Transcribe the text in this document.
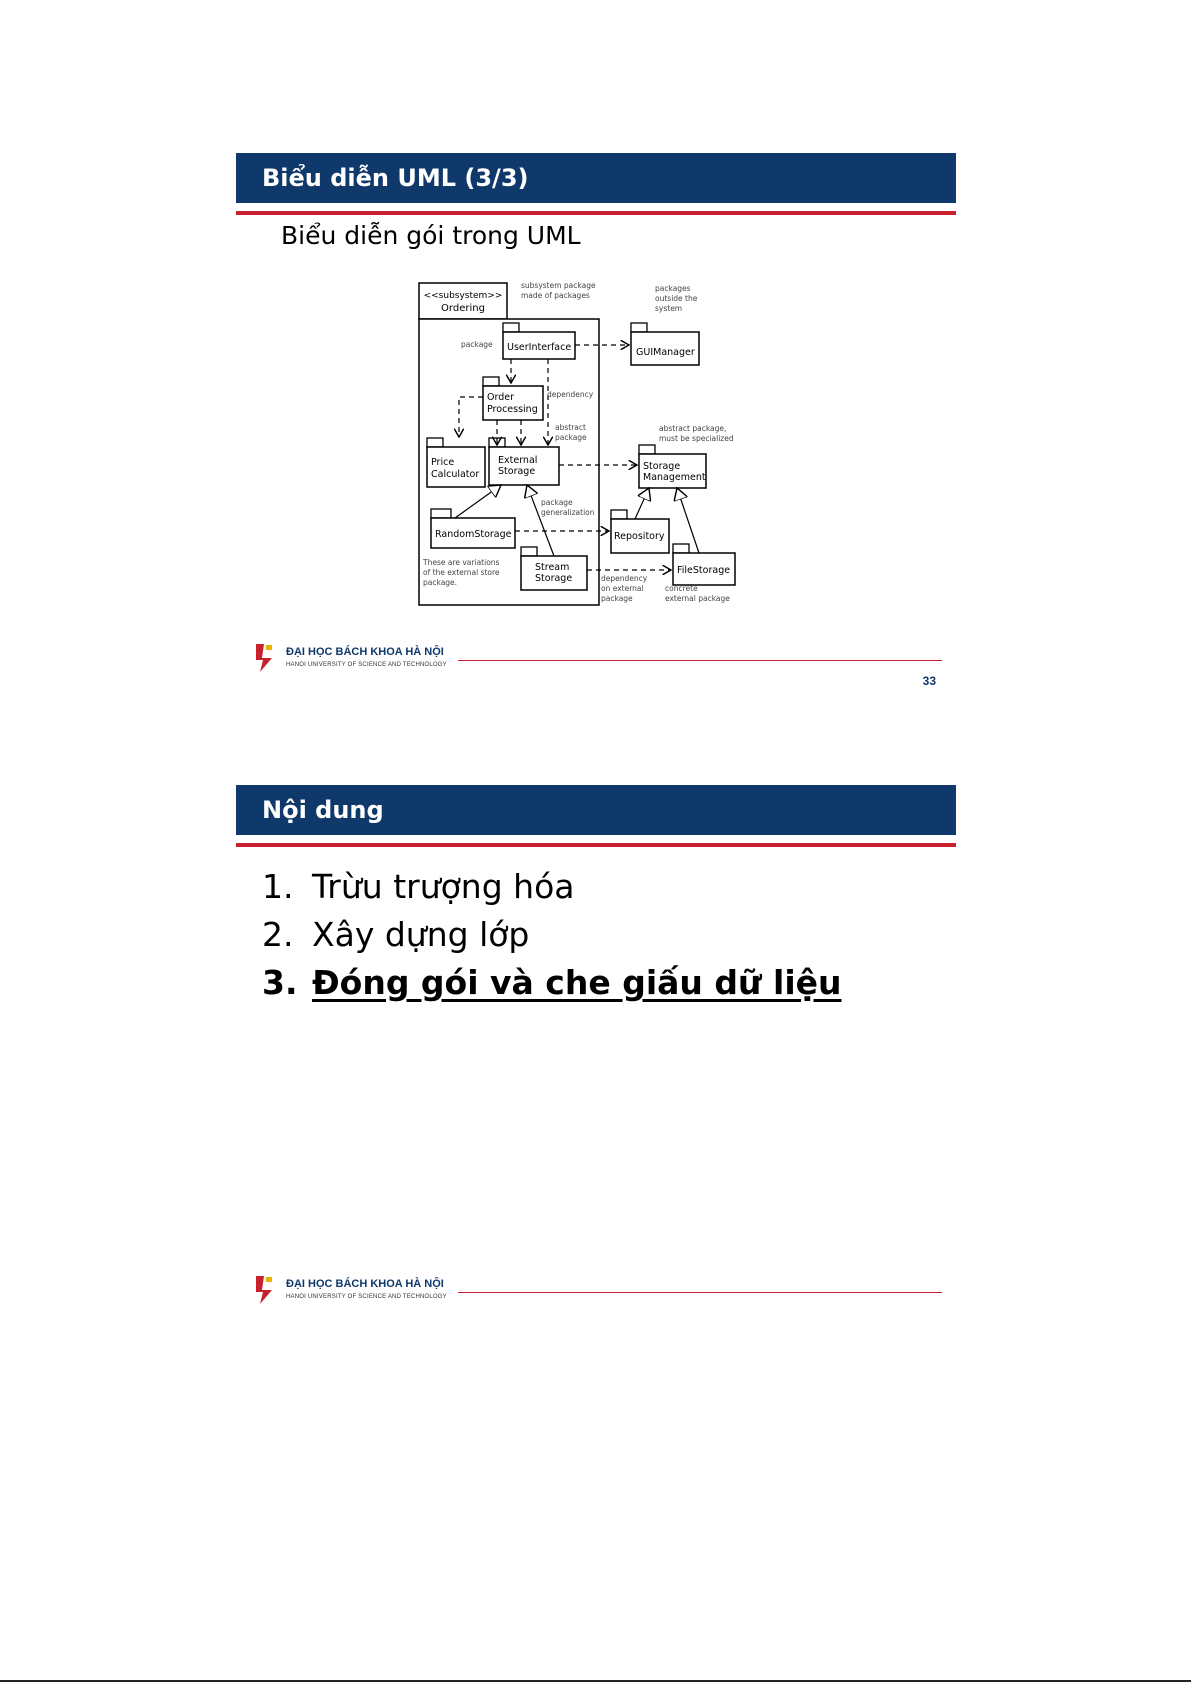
Biểu diễn UML (3/3)
Biểu diễn gói trong UML
<<subsystem>>
Ordering
UserInterface	GUIManager
Order
Processing
Price
Calculator
External
Storage	Storage
Management
RandomStorage	Repository
Stream
Storage
FileStorage
subsystem package
made of packages
packages
outside the
system
package
dependency
abstract
package
abstract package,
must be specialized
package
generalization
These are variations
of the external store
package.	dependency
on external
package
concrete
external package
ĐẠI HỌC BÁCH KHOA HÀ NỘI
HANOI UNIVERSITY OF SCIENCE AND TECHNOLOGY
33
Nội dung
1. Trừu trượng hóa
2. Xây dựng lớp
3. Đóng gói và che giấu dữ liệu
ĐẠI HỌC BÁCH KHOA HÀ NỘI
HANOI UNIVERSITY OF SCIENCE AND TECHNOLOGY
